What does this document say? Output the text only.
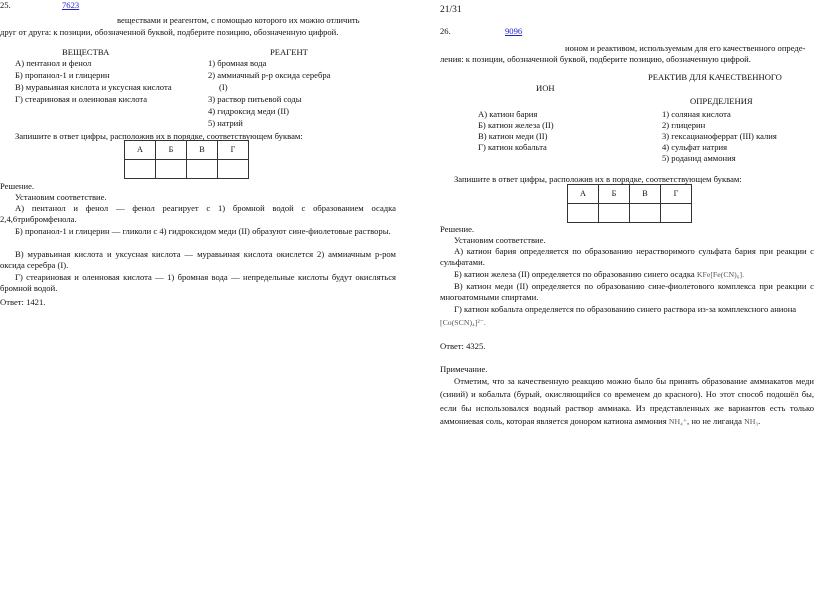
25.	7623
веществами и реагентом, с помощью которого их можно отличить
друг от друга: к позиции, обозначенной буквой, подберите позицию, обозначенную цифрой.
ВЕЩЕСТВА	РЕАГЕНТ
А) пентанол и фенол
Б) пропанол-1 и глицерин
В) муравьиная кислота и уксусная кислота
Г) стеариновая и олеиновая кислота
1) бромная вода
2) аммиачный р-р оксида серебра
(I)
3) раствор питьевой соды
4) гидроксид меди (II)
5) натрий
Запишите в ответ цифры, расположив их в порядке, соответствующем буквам:
А	Б	В	Г

Решение.
Установим соответствие.
А) пентанол и фенол — фенол реагирует с 1) бромной водой с образованием осадка 2,4,6трибромфенола.
Б) пропанол-1 и глицерин — гликоли с 4) гидроксидом меди (II) образуют сине-фиолетовые растворы.
В) муравьиная кислота и уксусная кислота — муравьиная кислота окислется 2) аммиачным р-ром оксида серебра (I).
Г) стеариновая и олеиновая кислота — 1) бромная вода — непредельные кислоты будут окисляться бромной водой.
Ответ: 1421.
21/31
26.	9096
ионом и реактивом, используемым для его качественного опреде-
ления: к позиции, обозначенной буквой, подберите позицию, обозначенную цифрой.
РЕАКТИВ ДЛЯ КАЧЕСТВЕННОГО
ИОН
ОПРЕДЕЛЕНИЯ
А) катион бария
Б) катион железа (II)
В) катион меди (II)
Г) катион кобальта
1) соляная кислота
2) глицерин
3) гексацианоферрат (III) калия
4) сульфат натрия
5) роданид аммония
Запишите в ответ цифры, расположив их в порядке, соответствующем буквам:
А	Б	В	Г

Решение.
Установим соответствие.
А) катион бария определяется по образованию нерастворимого сульфата бария при реакции с сульфатами.
Б) катион железа (II) определяется по образованию синего осадка KFe[Fe(CN)₆].
В) катион меди (II) определяется по образованию сине-фиолетового комплекса при реакции с многоатомными спиртами.
Г) катион кобальта определяется по образованию синего раствора из-за комплексного аниона
[Co(SCN)₄]²⁻.
Ответ: 4325.
Примечание.
Отметим, что за качественную реакцию можно было бы принять образование аммиакатов меди (синий) и кобальта (бурый, окисляющийся со временем до красного). Но этот способ подошёл бы, если бы использовался водный раствор аммиака. Из представленных же вариантов есть только аммониевая соль, которая является донором катиона аммония NH₄⁺, но не лиганда NH₃.
